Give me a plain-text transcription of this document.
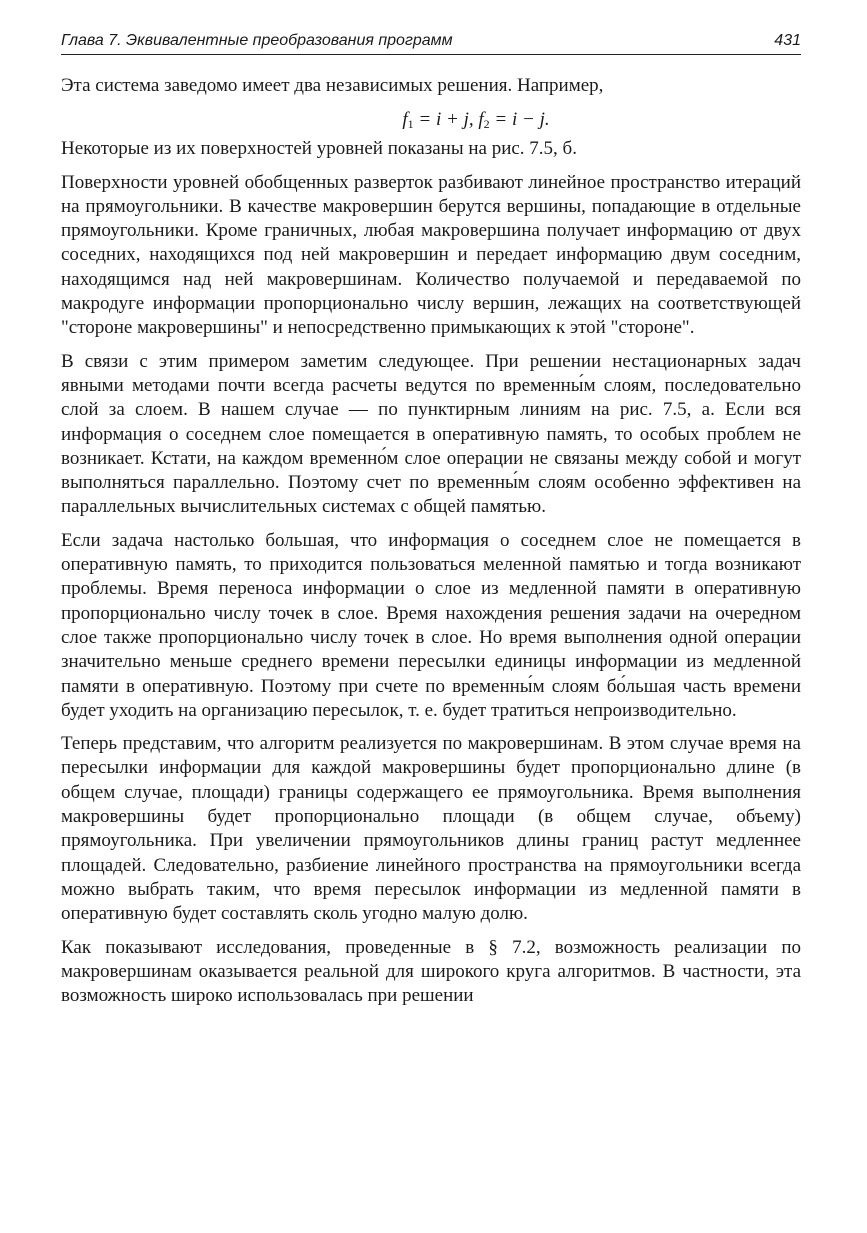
Глава 7. Эквивалентные преобразования программ	431

Эта система заведомо имеет два независимых решения. Например,

$f_1 = i + j$, $f_2 = i - j$.

Некоторые из их поверхностей уровней показаны на рис. 7.5, б.

Поверхности уровней обобщенных разверток разбивают линейное пространство итераций на прямоугольники. В качестве макровершин берутся вершины, попадающие в отдельные прямоугольники. Кроме граничных, любая макровершина получает информацию от двух соседних, находящихся под ней макровершин и передает информацию двум соседним, находящимся над ней макровершинам. Количество получаемой и передаваемой по макродуге информации пропорционально числу вершин, лежащих на соответствующей "стороне макровершины" и непосредственно примыкающих к этой "стороне".

В связи с этим примером заметим следующее. При решении нестационарных задач явными методами почти всегда расчеты ведутся по временны́м слоям, последовательно слой за слоем. В нашем случае — по пунктирным линиям на рис. 7.5, а. Если вся информация о соседнем слое помещается в оперативную память, то особых проблем не возникает. Кстати, на каждом временно́м слое операции не связаны между собой и могут выполняться параллельно. Поэтому счет по временны́м слоям особенно эффективен на параллельных вычислительных системах с общей памятью.

Если задача настолько большая, что информация о соседнем слое не помещается в оперативную память, то приходится пользоваться меленной памятью и тогда возникают проблемы. Время переноса информации о слое из медленной памяти в оперативную пропорционально числу точек в слое. Время нахождения решения задачи на очередном слое также пропорционально числу точек в слое. Но время выполнения одной операции значительно меньше среднего времени пересылки единицы информации из медленной памяти в оперативную. Поэтому при счете по временны́м слоям бо́льшая часть времени будет уходить на организацию пересылок, т. е. будет тратиться непроизводительно.

Теперь представим, что алгоритм реализуется по макровершинам. В этом случае время на пересылки информации для каждой макровершины будет пропорционально длине (в общем случае, площади) границы содержащего ее прямоугольника. Время выполнения макровершины будет пропорционально площади (в общем случае, объему) прямоугольника. При увеличении прямоугольников длины границ растут медленнее площадей. Следовательно, разбиение линейного пространства на прямоугольники всегда можно выбрать таким, что время пересылок информации из медленной памяти в оперативную будет составлять сколь угодно малую долю.

Как показывают исследования, проведенные в § 7.2, возможность реализации по макровершинам оказывается реальной для широкого круга алгоритмов. В частности, эта возможность широко использовалась при решении
